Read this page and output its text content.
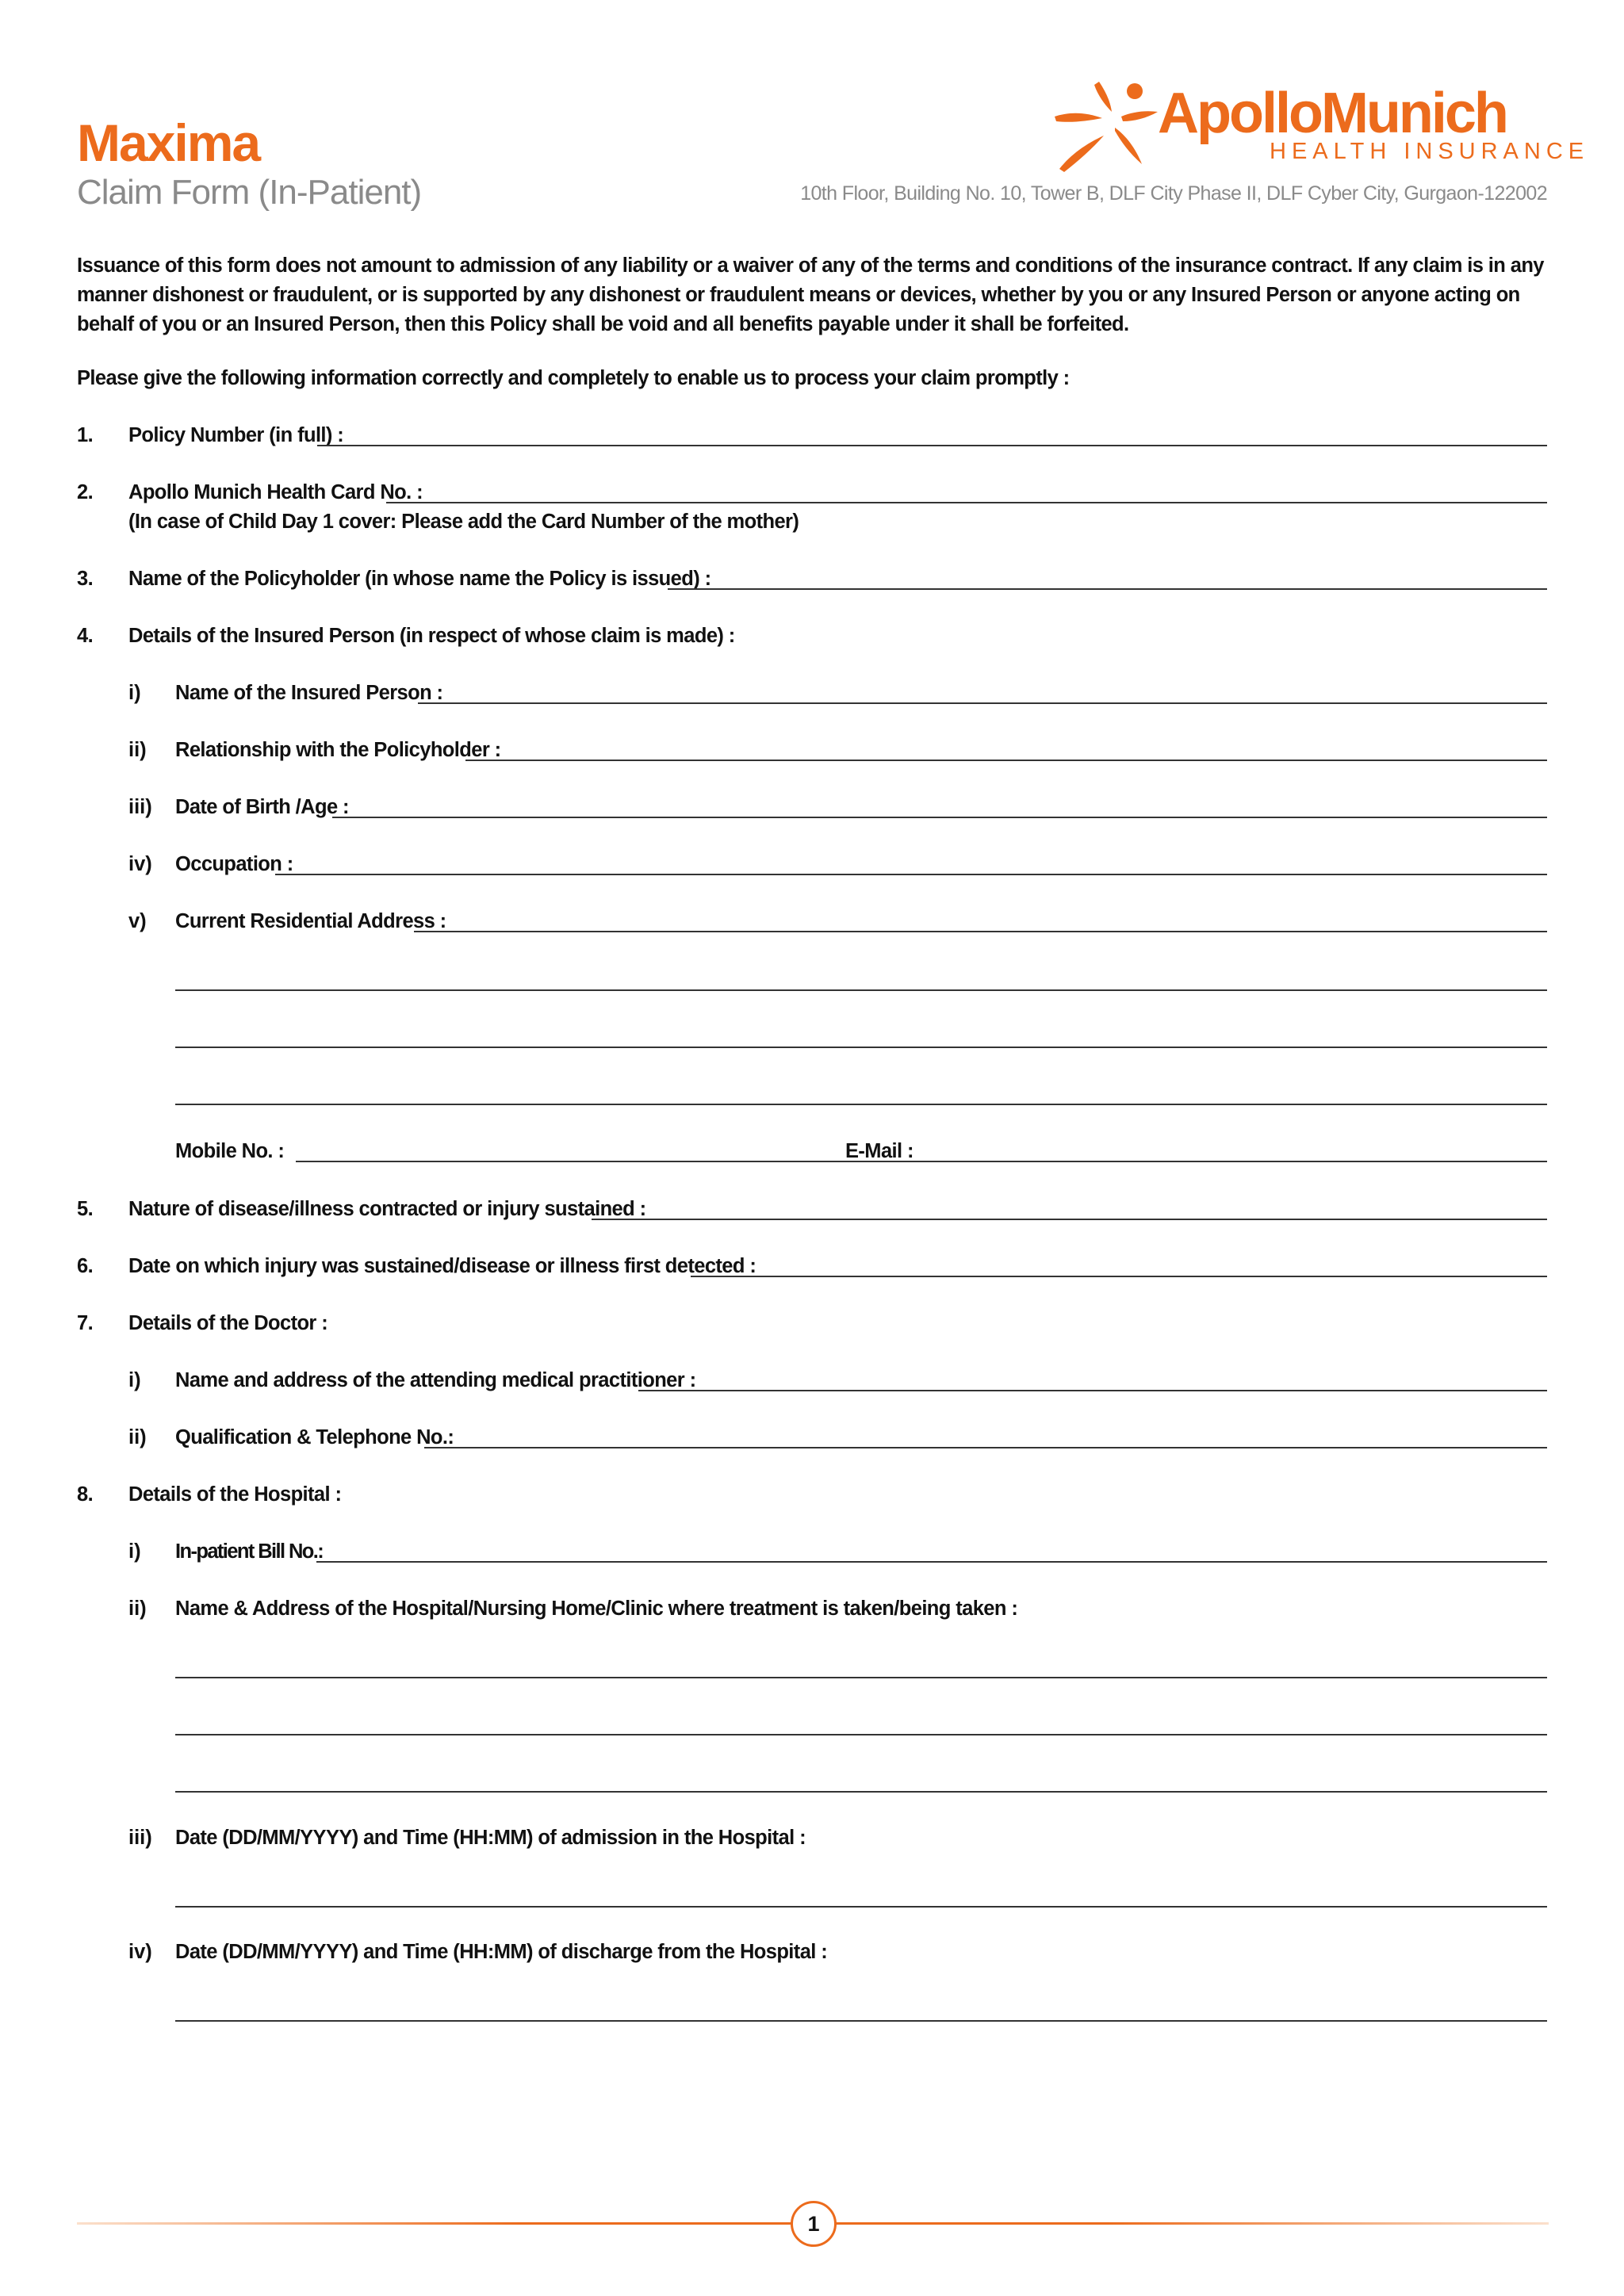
Maxima
Claim Form (In-Patient)
ApolloMunich
HEALTH INSURANCE
10th Floor, Building No. 10, Tower B, DLF City Phase II, DLF Cyber City, Gurgaon-122002
Issuance of this form does not amount to admission of any liability or a waiver of any of the terms and conditions of the insurance contract. If any claim is in any manner dishonest or fraudulent, or is supported by any dishonest or fraudulent means or devices, whether by you or any Insured Person or anyone acting on behalf of you or an Insured Person, then this Policy shall be void and all benefits payable under it shall be forfeited.
Please give the following information correctly and completely to enable us to process your claim promptly :
1. Policy Number (in full) :
2. Apollo Munich Health Card No. :
(In case of Child Day 1 cover: Please add the Card Number of the mother)
3. Name of the Policyholder (in whose name the Policy is issued) :
4. Details of the Insured Person (in respect of whose claim is made) :
i) Name of the Insured Person :
ii) Relationship with the Policyholder :
iii) Date of Birth /Age :
iv) Occupation :
v) Current Residential Address :
Mobile No. :	E-Mail :
5. Nature of disease/illness contracted or injury sustained :
6. Date on which injury was sustained/disease or illness first detected :
7. Details of the Doctor :
i) Name and address of the attending medical practitioner :
ii) Qualification & Telephone No.:
8. Details of the Hospital :
i) In-patient Bill No.:
ii) Name & Address of the Hospital/Nursing Home/Clinic where treatment is taken/being taken :
iii) Date (DD/MM/YYYY) and Time (HH:MM) of admission in the Hospital :
iv) Date (DD/MM/YYYY) and Time (HH:MM) of discharge from the Hospital :
1
